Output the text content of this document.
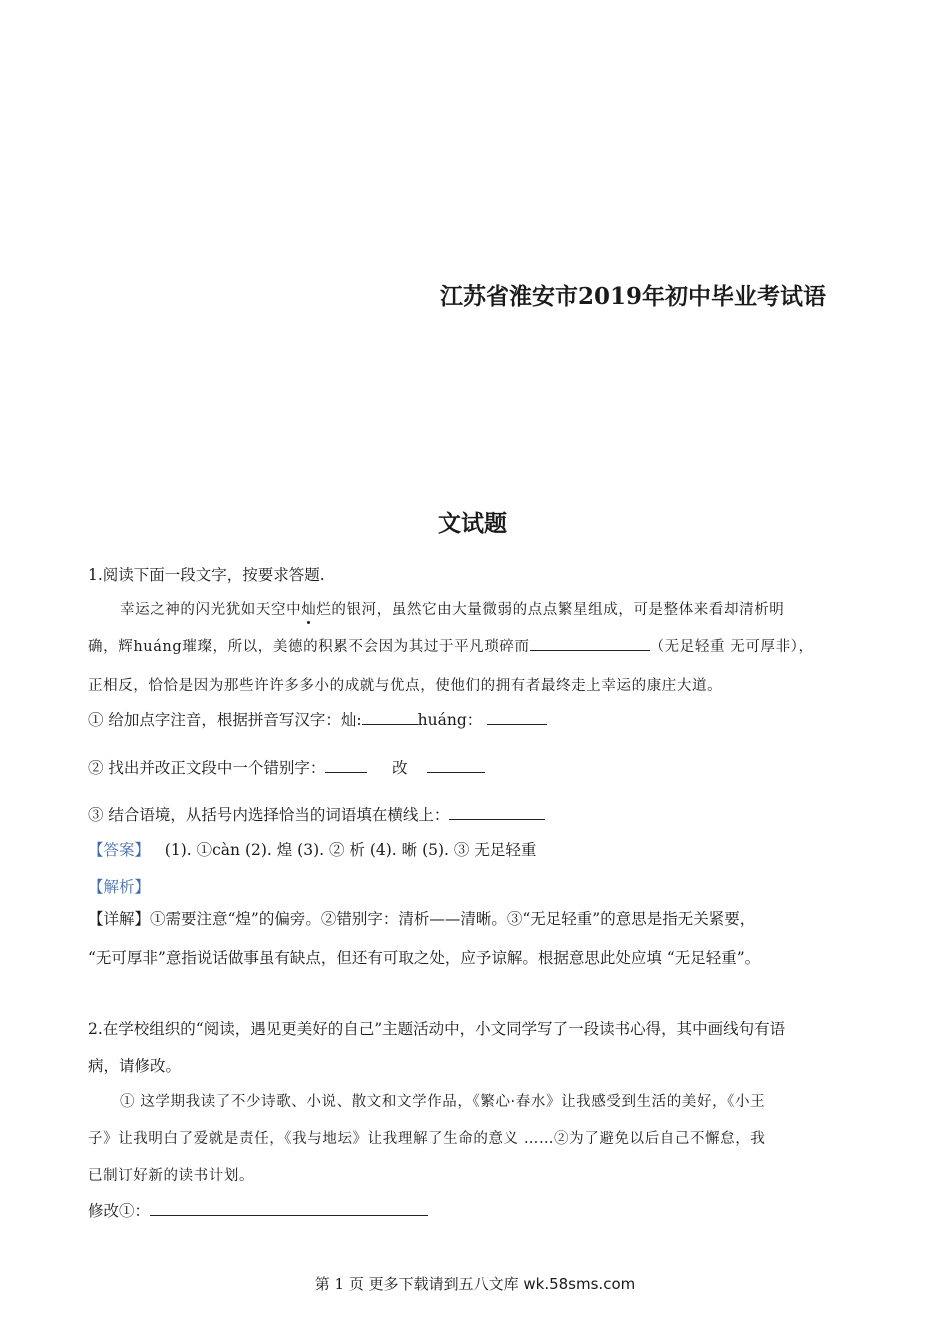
江苏省淮安市2019年初中毕业考试语
文试题
1.阅读下面一段文字，按要求答题.
幸运之神的闪光犹如天空中灿烂的银河，虽然它由大量微弱的点点繁星组成，可是整体来看却清析明
确，辉huáng璀璨，所以，美德的积累不会因为其过于平凡琐碎而	（无足轻重 无可厚非），
正相反，恰恰是因为那些许许多多小的成就与优点，使他们的拥有者最终走上幸运的康庄大道。
① 给加点字注音，根据拼音写汉字：灿:	huáng：
② 找出并改正文段中一个错别字：	改
③ 结合语境，从括号内选择恰当的词语填在横线上：
【答案】 (1). ①càn (2). 煌 (3). ② 析 (4). 晰 (5). ③ 无足轻重
【解析】
【详解】①需要注意“煌”的偏旁。②错别字：清析——清晰。③“无足轻重”的意思是指无关紧要，
“无可厚非”意指说话做事虽有缺点，但还有可取之处，应予谅解。根据意思此处应填 “无足轻重”。
2.在学校组织的“阅读，遇见更美好的自己”主题活动中，小文同学写了一段读书心得，其中画线句有语
病，请修改。
① 这学期我读了不少诗歌、小说、散文和文学作品，《繁心·春水》让我感受到生活的美好，《小王
子》让我明白了爱就是责任，《我与地坛》让我理解了生命的意义 ……②为了避免以后自己不懈怠，我
已制订好新的读书计划。
修改①：
第 1 页 更多下载请到五八文库 wk.58sms.com
